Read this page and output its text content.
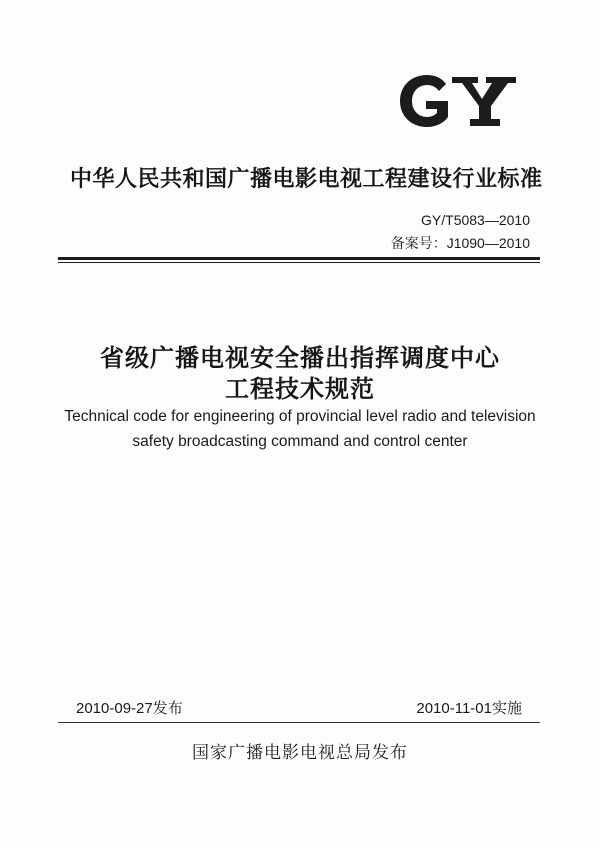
中华人民共和国广播电影电视工程建设行业标准
GY/T5083—2010
备案号：J1090—2010
省级广播电视安全播出指挥调度中心
工程技术规范
Technical code for engineering of provincial level radio and television
safety broadcasting command and control center
2010-09-27发布	2010-11-01实施
国家广播电影电视总局发布
